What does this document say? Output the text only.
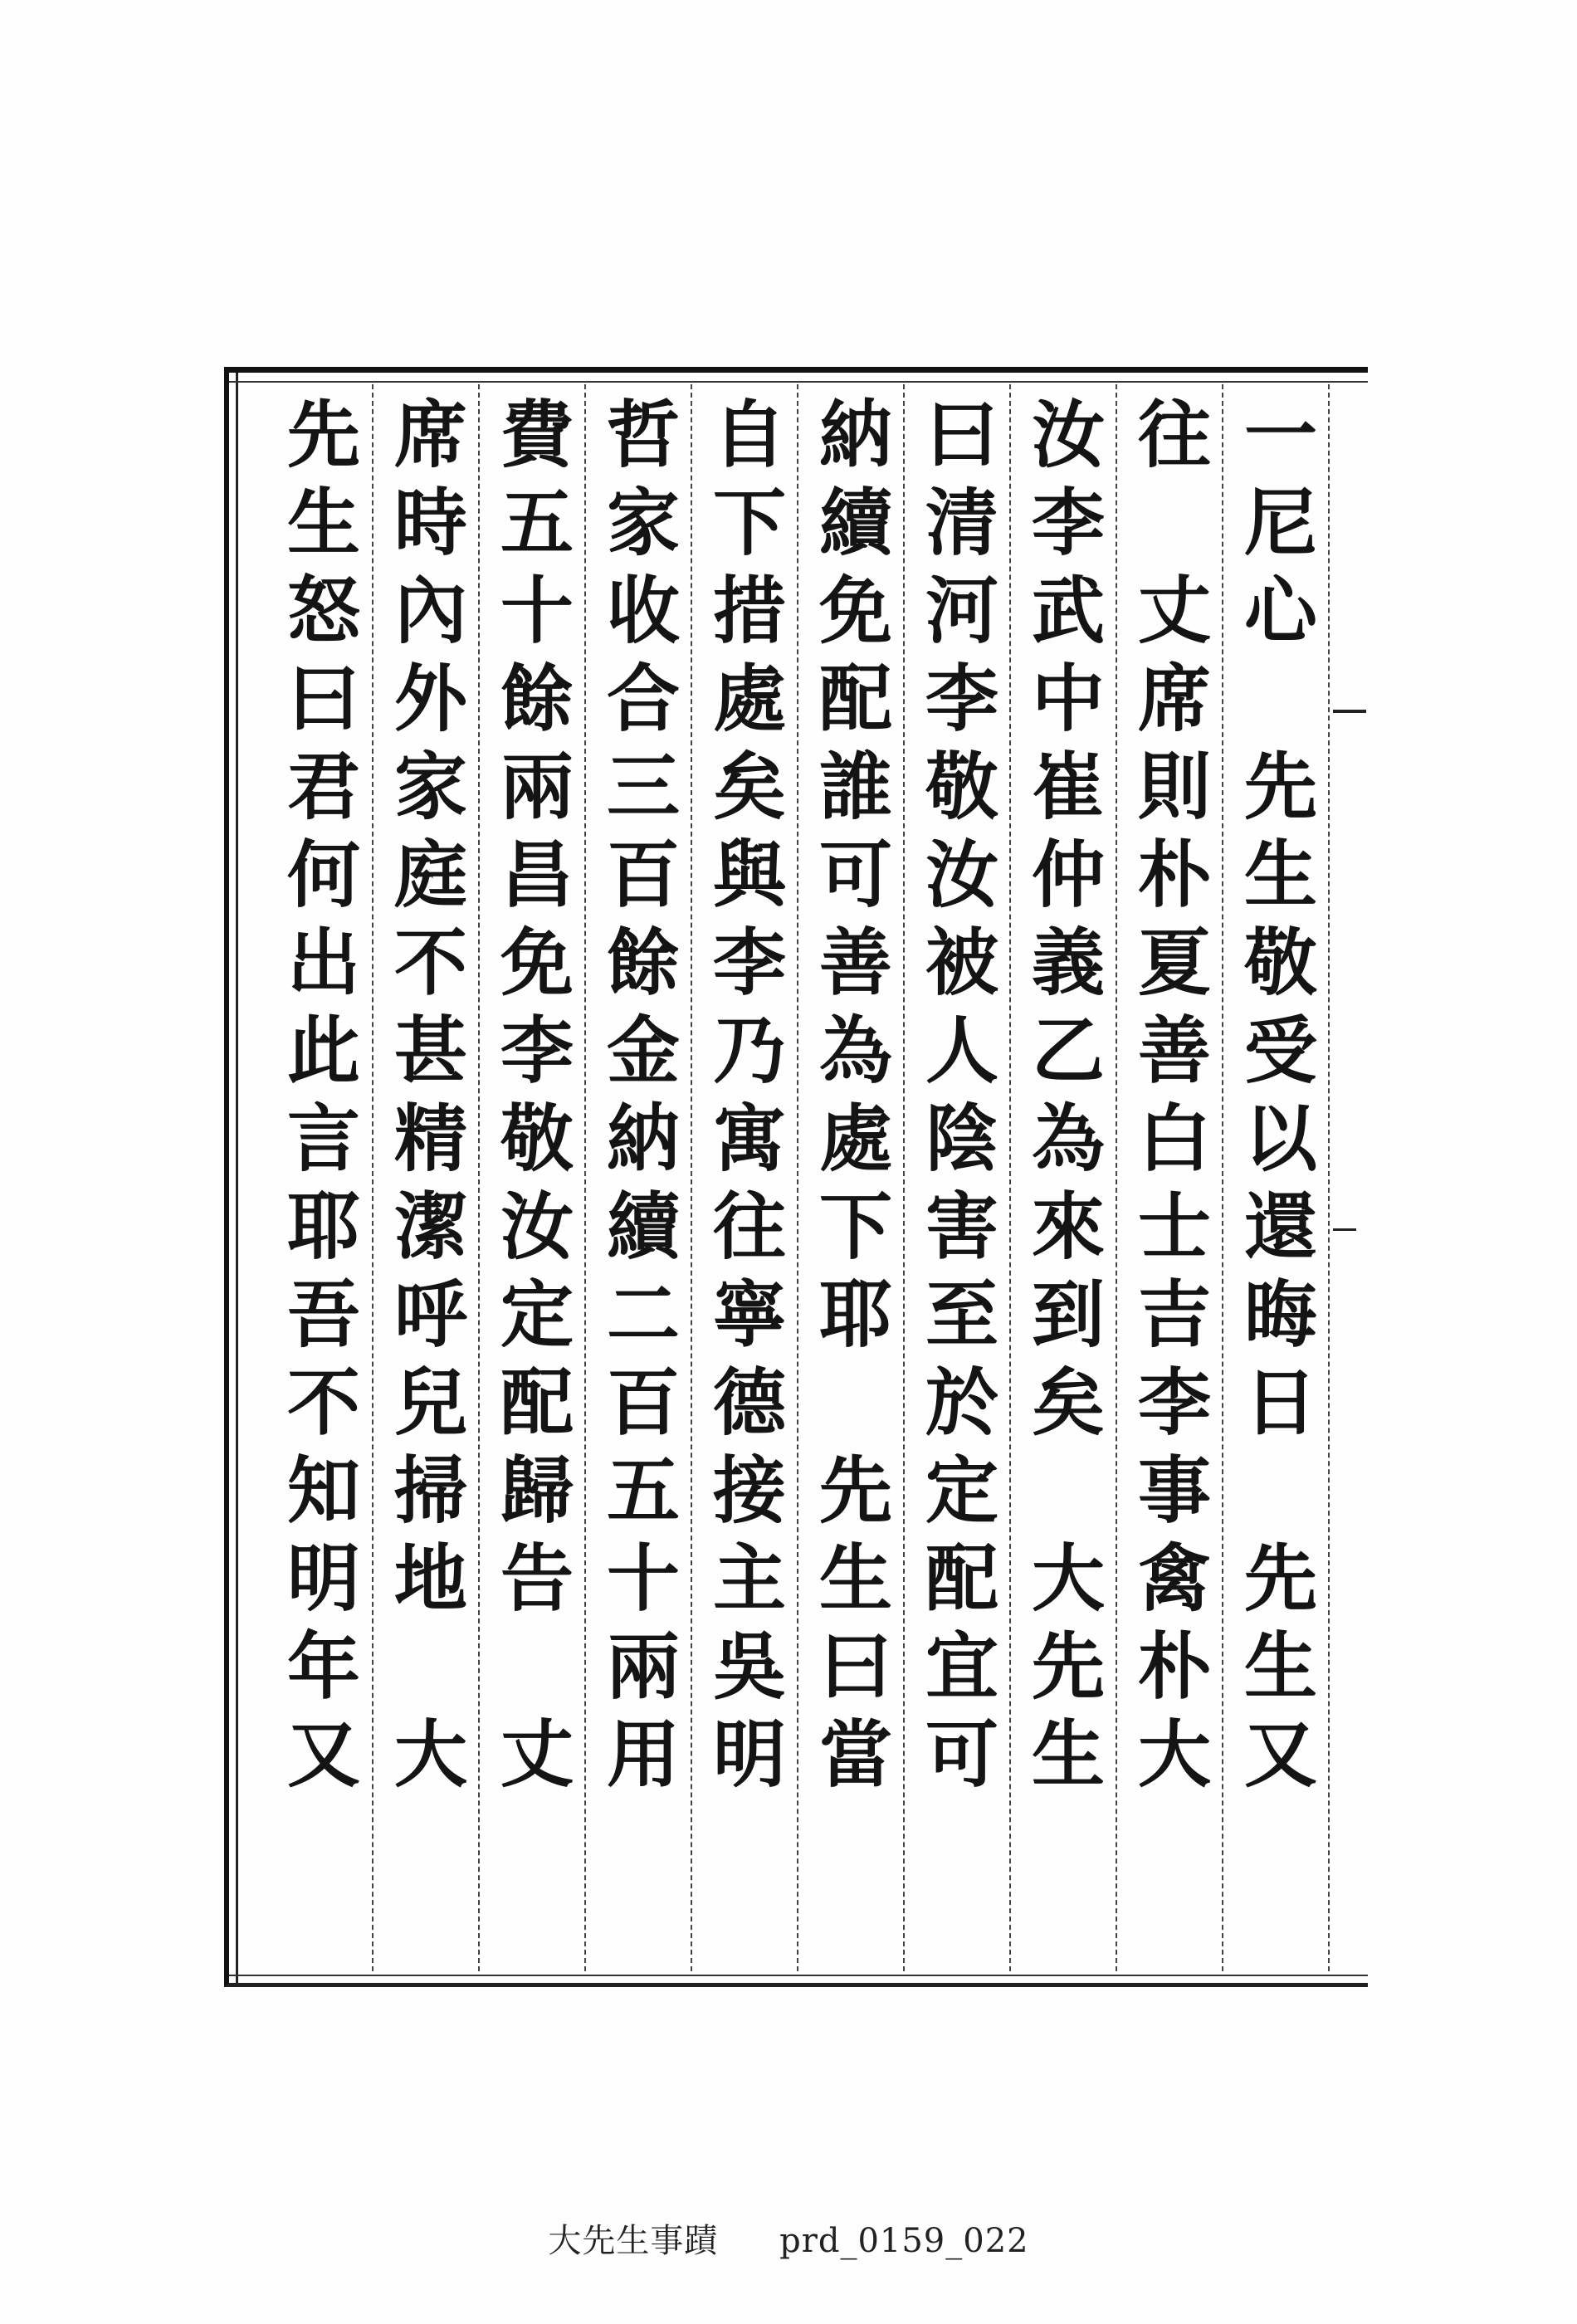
一尼心　先生敬受以還晦日　先生又
往　丈席則朴夏善白士吉李事禽朴大
汝李武中崔仲義乙為來到矣　大先生
曰清河李敬汝被人陰害至於定配宜可
納續免配誰可善為處下耶　先生曰當
自下措處矣與李乃寓往寧德接主吳明
哲家收合三百餘金納續二百五十兩用
費五十餘兩昌免李敬汝定配歸告　丈
席時內外家庭不甚精潔呼兒掃地　大
先生怒曰君何出此言耶吾不知明年又
大先生事蹟 prd_0159_022
